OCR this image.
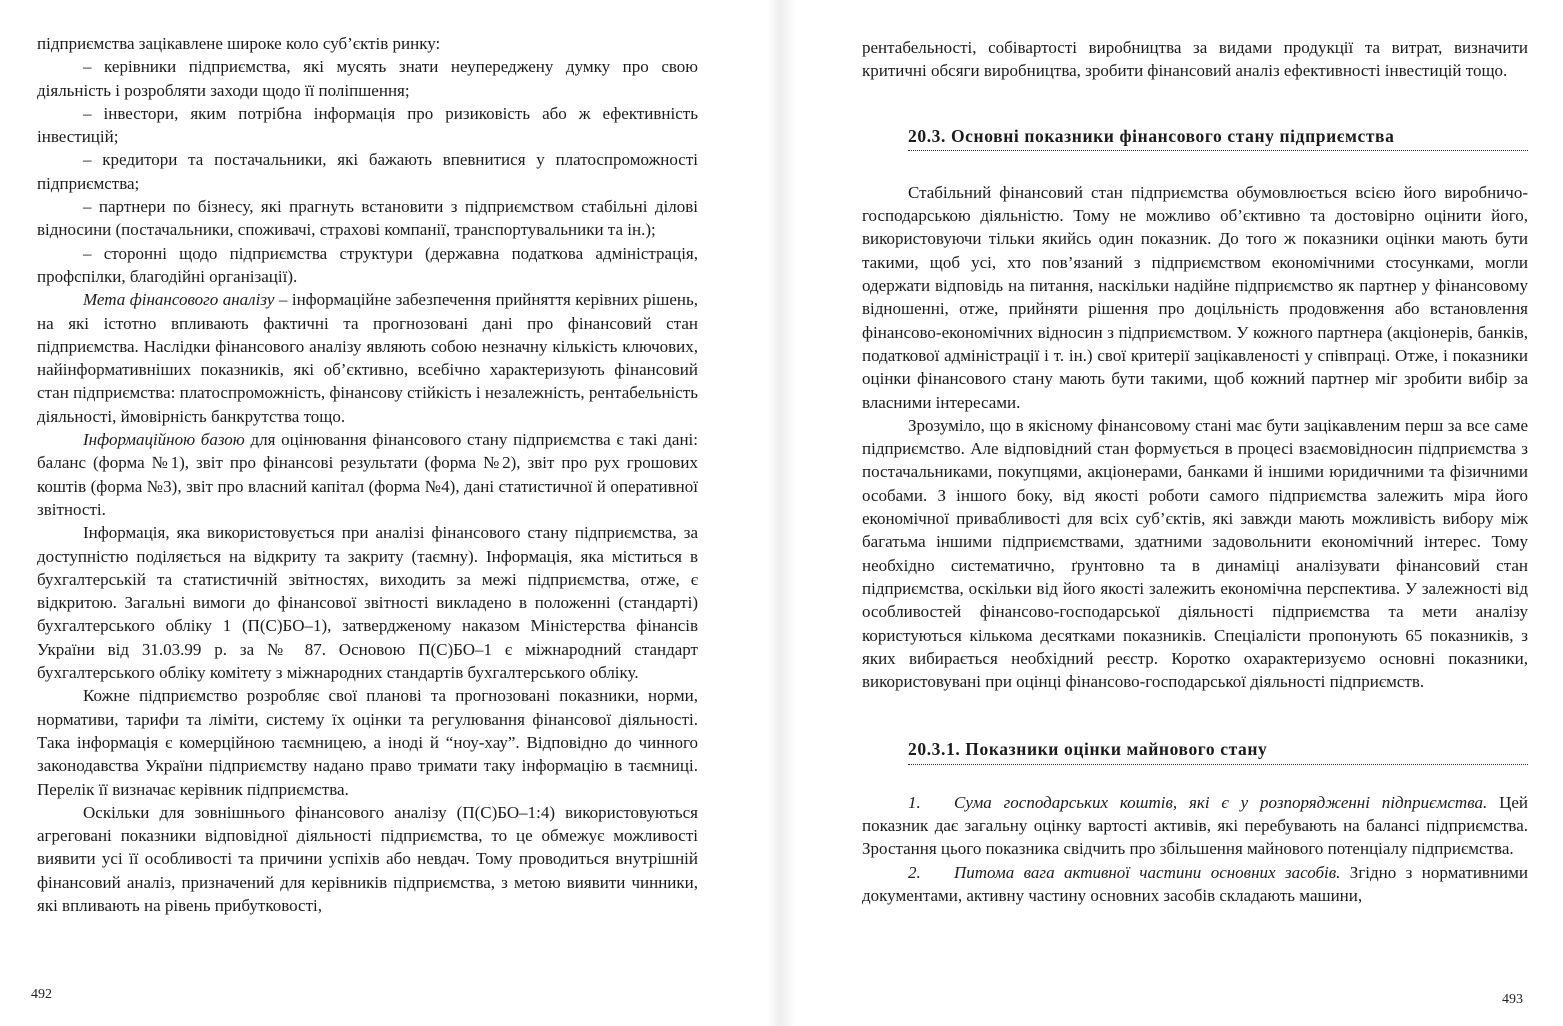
підприємства зацікавлене широке коло суб’єктів ринку:

– керівники підприємства, які мусять знати неупереджену думку про свою діяльність і розробляти заходи щодо її поліпшення;

– інвестори, яким потрібна інформація про ризиковість або ж ефективність інвестицій;

– кредитори та постачальники, які бажають впевнитися у платоспроможності підприємства;

– партнери по бізнесу, які прагнуть встановити з підприємством стабільні ділові відносини (постачальники, споживачі, страхові компанії, транспортувальники та ін.);

– сторонні щодо підприємства структури (державна податкова адміністрація, профспілки, благодійні організації).

Мета фінансового аналізу – інформаційне забезпечення прийняття керівних рішень, на які істотно впливають фактичні та прогнозовані дані про фінансовий стан підприємства. Наслідки фінансового аналізу являють собою незначну кількість ключових, найінформативніших показників, які об’єктивно, всебічно характеризують фінансовий стан підприємства: платоспроможність, фінансову стійкість і незалежність, рентабельність діяльності, ймовірність банкрутства тощо.

Інформаційною базою для оцінювання фінансового стану підприємства є такі дані: баланс (форма №1), звіт про фінансові результати (форма №2), звіт про рух грошових коштів (форма №3), звіт про власний капітал (форма №4), дані статистичної й оперативної звітності.

Інформація, яка використовується при аналізі фінансового стану підприємства, за доступністю поділяється на відкриту та закриту (таємну). Інформація, яка міститься в бухгалтерській та статистичній звітностях, виходить за межі підприємства, отже, є відкритою. Загальні вимоги до фінансової звітності викладено в положенні (стандарті) бухгалтерського обліку 1 (П(С)БО–1), затвердженому наказом Міністерства фінансів України від 31.03.99 р. за № 87. Основою П(С)БО–1 є міжнародний стандарт бухгалтерського обліку комітету з міжнародних стандартів бухгалтерського обліку.

Кожне підприємство розробляє свої планові та прогнозовані показники, норми, нормативи, тарифи та ліміти, систему їх оцінки та регулювання фінансової діяльності. Така інформація є комерційною таємницею, а іноді й “ноу-хау”. Відповідно до чинного законодавства України підприємству надано право тримати таку інформацію в таємниці. Перелік її визначає керівник підприємства.

Оскільки для зовнішнього фінансового аналізу (П(С)БО–1:4) використовуються агреговані показники відповідної діяльності підприємства, то це обмежує можливості виявити усі її особливості та причини успіхів або невдач. Тому проводиться внутрішній фінансовий аналіз, призначений для керівників підприємства, з метою виявити чинники, які впливають на рівень прибутковості,

492

рентабельності, собівартості виробництва за видами продукції та витрат, визначити критичні обсяги виробництва, зробити фінансовий аналіз ефективності інвестицій тощо.

20.3. Основні показники фінансового стану підприємства

Стабільний фінансовий стан підприємства обумовлюється всією його виробничо-господарською діяльністю. Тому не можливо об’єктивно та достовірно оцінити його, використовуючи тільки якийсь один показник. До того ж показники оцінки мають бути такими, щоб усі, хто пов’язаний з підприємством економічними стосунками, могли одержати відповідь на питання, наскільки надійне підприємство як партнер у фінансовому відношенні, отже, прийняти рішення про доцільність продовження або встановлення фінансово-економічних відносин з підприємством. У кожного партнера (акціонерів, банків, податкової адміністрації і т. ін.) свої критерії зацікавленості у співпраці. Отже, і показники оцінки фінансового стану мають бути такими, щоб кожний партнер міг зробити вибір за власними інтересами.

Зрозуміло, що в якісному фінансовому стані має бути зацікавленим перш за все саме підприємство. Але відповідний стан формується в процесі взаємовідносин підприємства з постачальниками, покупцями, акціонерами, банками й іншими юридичними та фізичними особами. З іншого боку, від якості роботи самого підприємства залежить міра його економічної привабливості для всіх суб’єктів, які завжди мають можливість вибору між багатьма іншими підприємствами, здатними задовольнити економічний інтерес. Тому необхідно систематично, ґрунтовно та в динаміці аналізувати фінансовий стан підприємства, оскільки від його якості залежить економічна перспектива. У залежності від особливостей фінансово-господарської діяльності підприємства та мети аналізу користуються кількома десятками показників. Спеціалісти пропонують 65 показників, з яких вибирається необхідний реєстр. Коротко охарактеризуємо основні показники, використовувані при оцінці фінансово-господарської діяльності підприємств.

20.3.1. Показники оцінки майнового стану

1. Сума господарських коштів, які є у розпорядженні підприємства. Цей показник дає загальну оцінку вартості активів, які перебувають на балансі підприємства. Зростання цього показника свідчить про збільшення майнового потенціалу підприємства.

2. Питома вага активної частини основних засобів. Згідно з нормативними документами, активну частину основних засобів складають машини,

493
